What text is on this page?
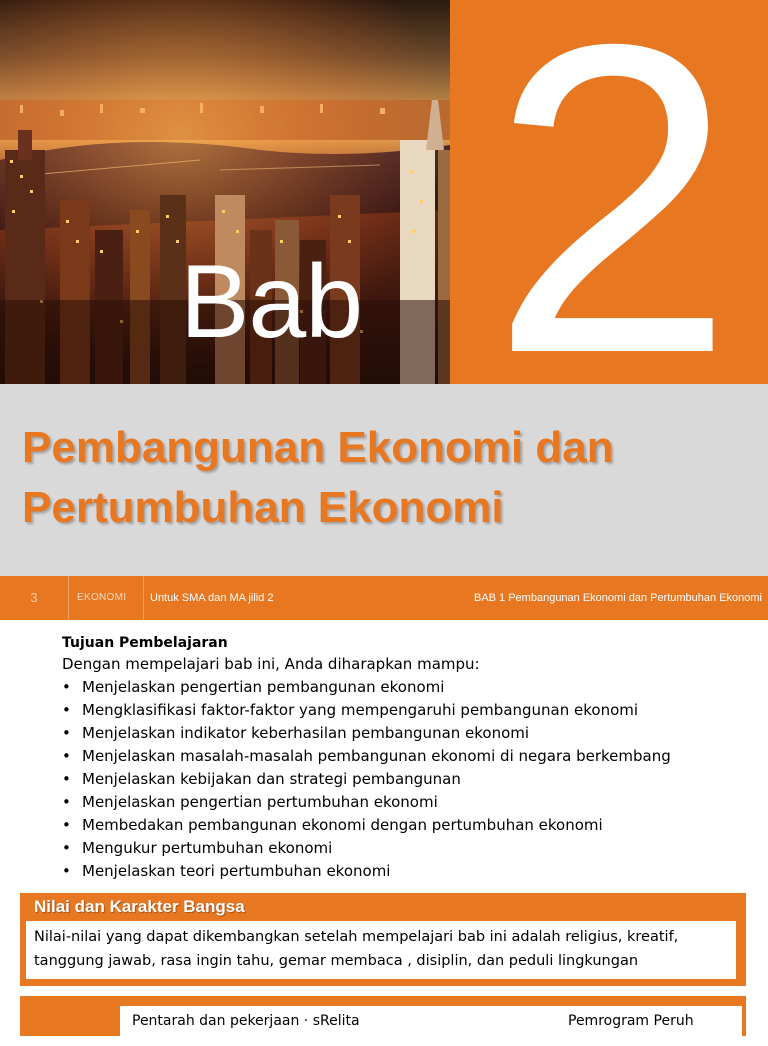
Bab 2
Pembangunan Ekonomi dan
Pertumbuhan Ekonomi
3	EKONOMI	Untuk SMA dan MA jilid 2	BAB 1 Pembangunan Ekonomi dan Pertumbuhan Ekonomi
Tujuan Pembelajaran
Dengan mempelajari bab ini, Anda diharapkan mampu:
• Menjelaskan pengertian pembangunan ekonomi
• Mengklasifikasi faktor-faktor yang mempengaruhi pembangunan ekonomi
• Menjelaskan indikator keberhasilan pembangunan ekonomi
• Menjelaskan masalah-masalah pembangunan ekonomi di negara berkembang
• Menjelaskan kebijakan dan strategi pembangunan
• Menjelaskan pengertian pertumbuhan ekonomi
• Membedakan pembangunan ekonomi dengan pertumbuhan ekonomi
• Mengukur pertumbuhan ekonomi
• Menjelaskan teori pertumbuhan ekonomi
Nilai dan Karakter Bangsa
Nilai-nilai yang dapat dikembangkan setelah mempelajari bab ini adalah religius, kreatif,
tanggung jawab, rasa ingin tahu, gemar membaca , disiplin, dan peduli lingkungan
Pentarah dan pekerjaan · sRelita	Pemrogram Peruh
